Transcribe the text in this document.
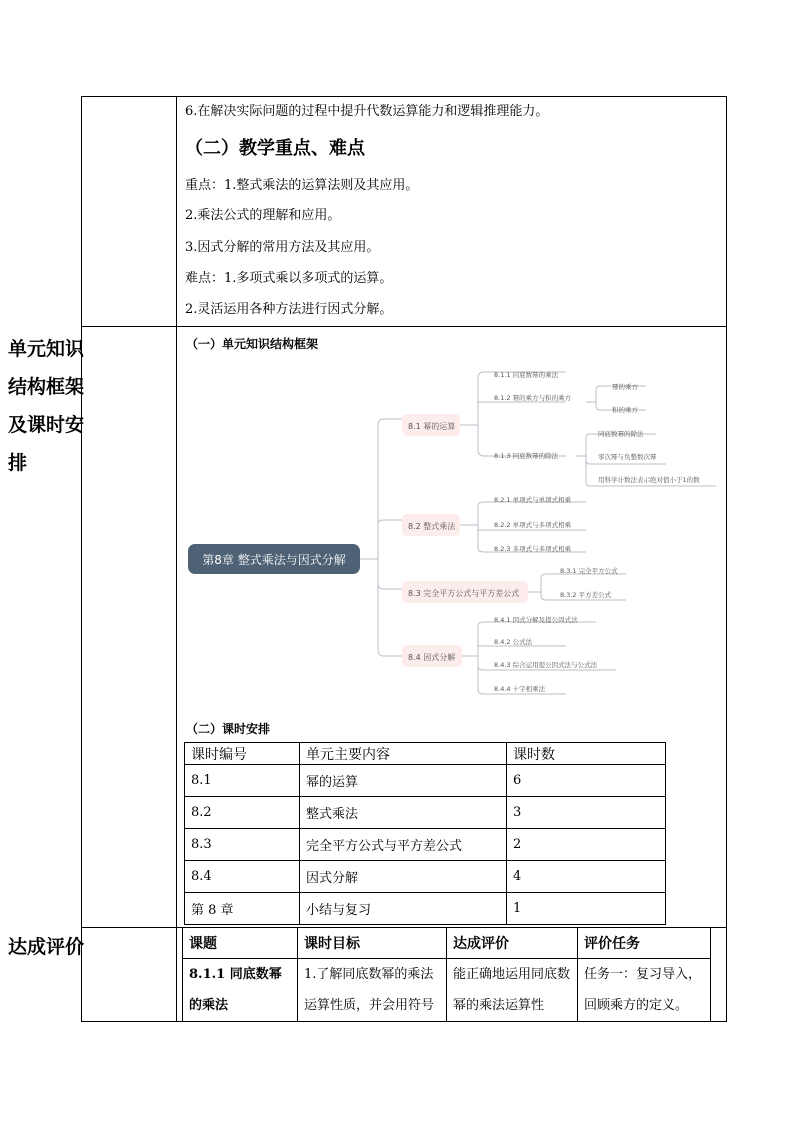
6.在解决实际问题的过程中提升代数运算能力和逻辑推理能力。
（二）教学重点、难点
重点：1.整式乘法的运算法则及其应用。
2.乘法公式的理解和应用。
3.因式分解的常用方法及其应用。
难点：1.多项式乘以多项式的运算。
2.灵活运用各种方法进行因式分解。
单元知识结构框架及课时安排
（一）单元知识结构框架
第8章 整式乘法与因式分解
8.1 幂的运算
8.2 整式乘法
8.3 完全平方公式与平方差公式
8.4 因式分解
8.1.1 同底数幂的乘法
8.1.2 幂的乘方与积的乘方
幂的乘方
积的乘方
8.1.3 同底数幂的除法
同底数幂的除法
零次幂与负整数次幂
用科学计数法表示绝对值小于1的数
8.2.1 单项式与单项式相乘
8.2.2 单项式与多项式相乘
8.2.3 多项式与多项式相乘
8.3.1 完全平方公式
8.3.2 平方差公式
8.4.1 因式分解及提公因式法
8.4.2 公式法
8.4.3 综合运用提公因式法与公式法
8.4.4 十字相乘法
（二）课时安排
课时编号	单元主要内容	课时数
8.1	幂的运算	6
8.2	整式乘法	3
8.3	完全平方公式与平方差公式	2
8.4	因式分解	4
第 8 章	小结与复习	1
达成评价	课题	课时目标	达成评价	评价任务
8.1.1 同底数幂的乘法	1.了解同底数幂的乘法运算性质，并会用符号	能正确地运用同底数幂的乘法运算性	任务一：复习导入，回顾乘方的定义。
